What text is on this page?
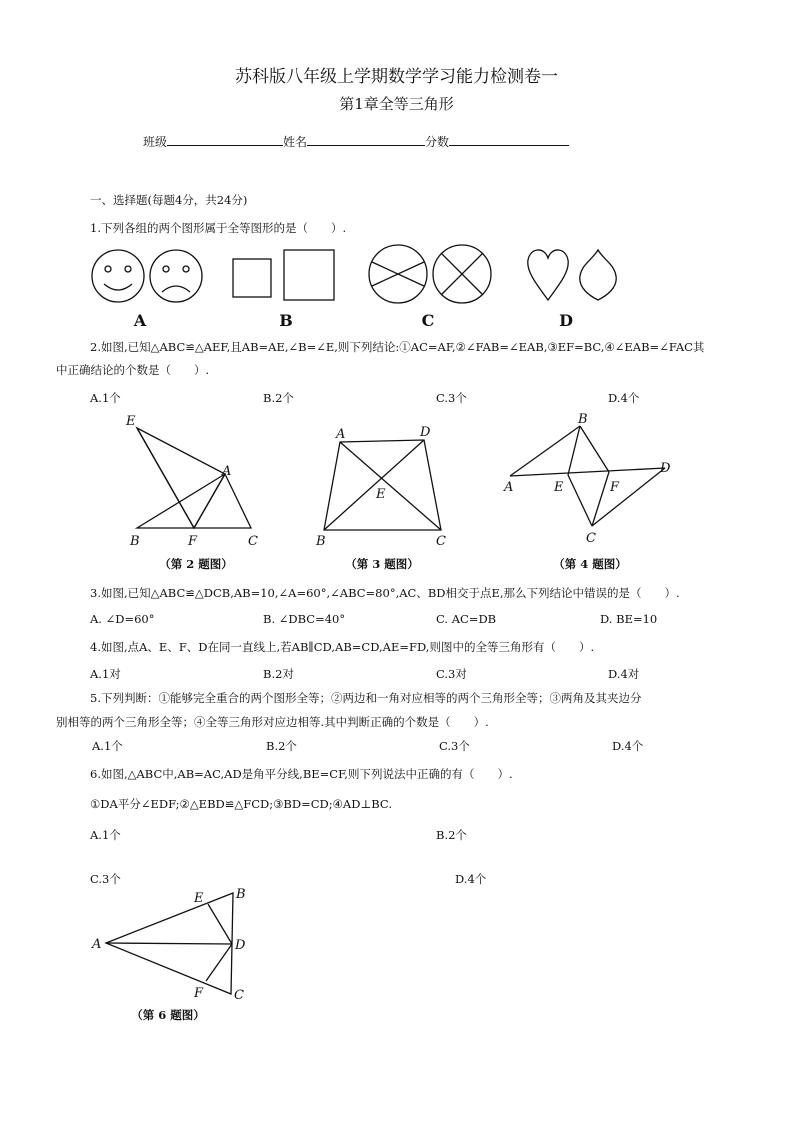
苏科版八年级上学期数学学习能力检测卷一
第1章全等三角形
班级	姓名	分数
一、选择题(每题4分，共24分)
1.下列各组的两个图形属于全等图形的是（　　）.
A	B	C	D
2.如图,已知△ABC≌△AEF,且AB=AE,∠B=∠E,则下列结论:①AC=AF,②∠FAB=∠EAB,③EF=BC,④∠EAB=∠FAC其
中正确结论的个数是（　　）.
A.1个	B.2个	C.3个	D.4个
E
A
B	F	C
（第 2 题图）
A	D
E
B	C
（第 3 题图）
B
D
A	E	F
C
（第 4 题图）
3.如图,已知△ABC≌△DCB,AB=10,∠A=60°,∠ABC=80°,AC、BD相交于点E,那么下列结论中错误的是（　　）.
A. ∠D=60°	B. ∠DBC=40°	C. AC=DB	D. BE=10
4.如图,点A、E、F、D在同一直线上,若AB∥CD,AB=CD,AE=FD,则图中的全等三角形有（　　）.
A.1对	B.2对	C.3对	D.4对
5.下列判断：①能够完全重合的两个图形全等；②两边和一角对应相等的两个三角形全等；③两角及其夹边分
别相等的两个三角形全等；④全等三角形对应边相等.其中判断正确的个数是（　　）.
A.1个	B.2个	C.3个	D.4个
6.如图,△ABC中,AB=AC,AD是角平分线,BE=CF,则下列说法中正确的有（　　）.
①DA平分∠EDF;②△EBD≌△FCD;③BD=CD;④AD⊥BC.
A.1个	B.2个
C.3个	D.4个
E	B
A	D
F C
（第 6 题图）
